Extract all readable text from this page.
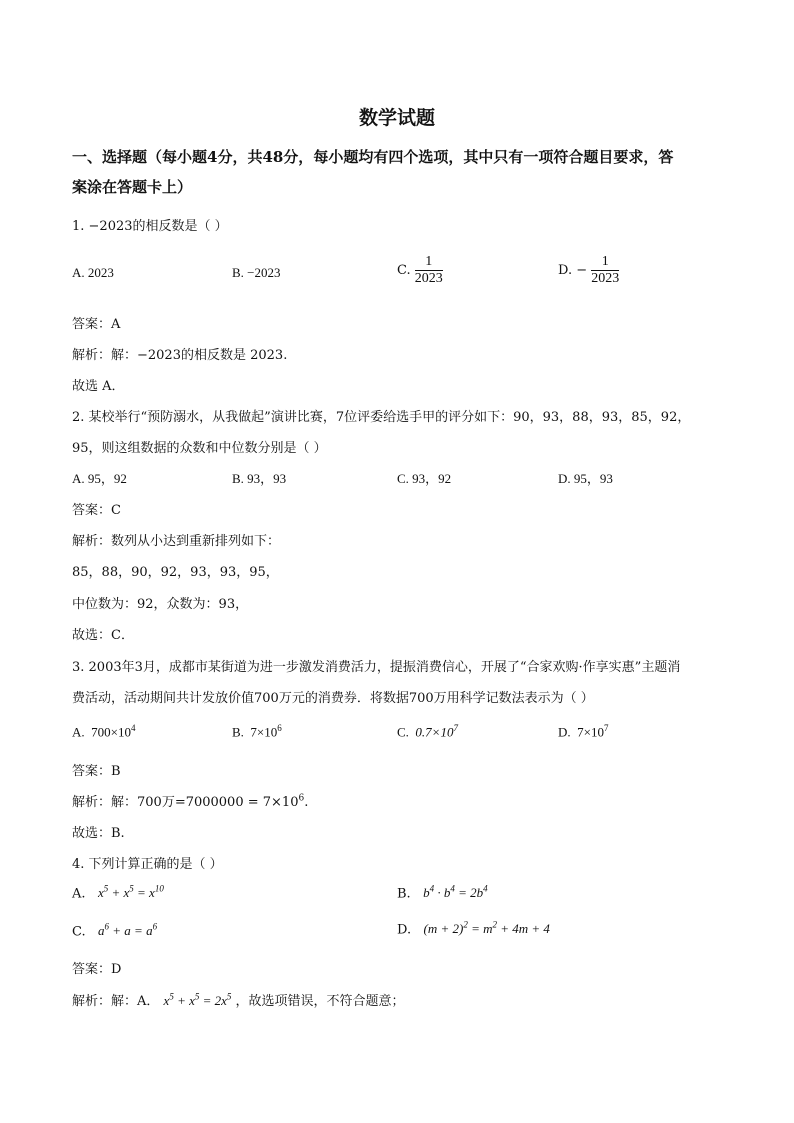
数学试题
一、选择题（每小题4分，共48分，每小题均有四个选项，其中只有一项符合题目要求，答
案涂在答题卡上）
1. −2023的相反数是（ ）
A. 2023	B. −2023	C. $\frac{1}{2023}$	D. − $\frac{1}{2023}$
答案：A
解析：解：−2023的相反数是 2023.
故选 A．
2. 某校举行“预防溺水，从我做起”演讲比赛，7位评委给选手甲的评分如下：90，93，88，93，85，92，
95，则这组数据的众数和中位数分别是（ ）
A. 95，92	B. 93，93	C. 93，92	D. 95，93
答案：C
解析：数列从小达到重新排列如下：
85，88，90，92，93，93，95，
中位数为：92，众数为：93，
故选：C．
3. 2003年3月，成都市某街道为进一步激发消费活力，提振消费信心，开展了“合家欢购·作享实惠”主题消
费活动，活动期间共计发放价值700万元的消费券．将数据700万用科学记数法表示为（ ）
A. $700\times 10^4$	B. $7\times 10^6$	C. $0.7\times 10^7$	D. $7\times 10^7$
答案：B
解析：解：700万$=7000000 = 7\times 10^6$.
故选：B.
4. 下列计算正确的是（ ）
A. $x^5 + x^5 = x^{10}$	B. $b^4 \cdot b^4 = 2b^4$
C. $a^6 + a = a^6$	D. $(m + 2)^2 = m^2 + 4m + 4$
答案：D
解析：解：A． $x^5 + x^5 = 2x^5$ ，故选项错误，不符合题意；
